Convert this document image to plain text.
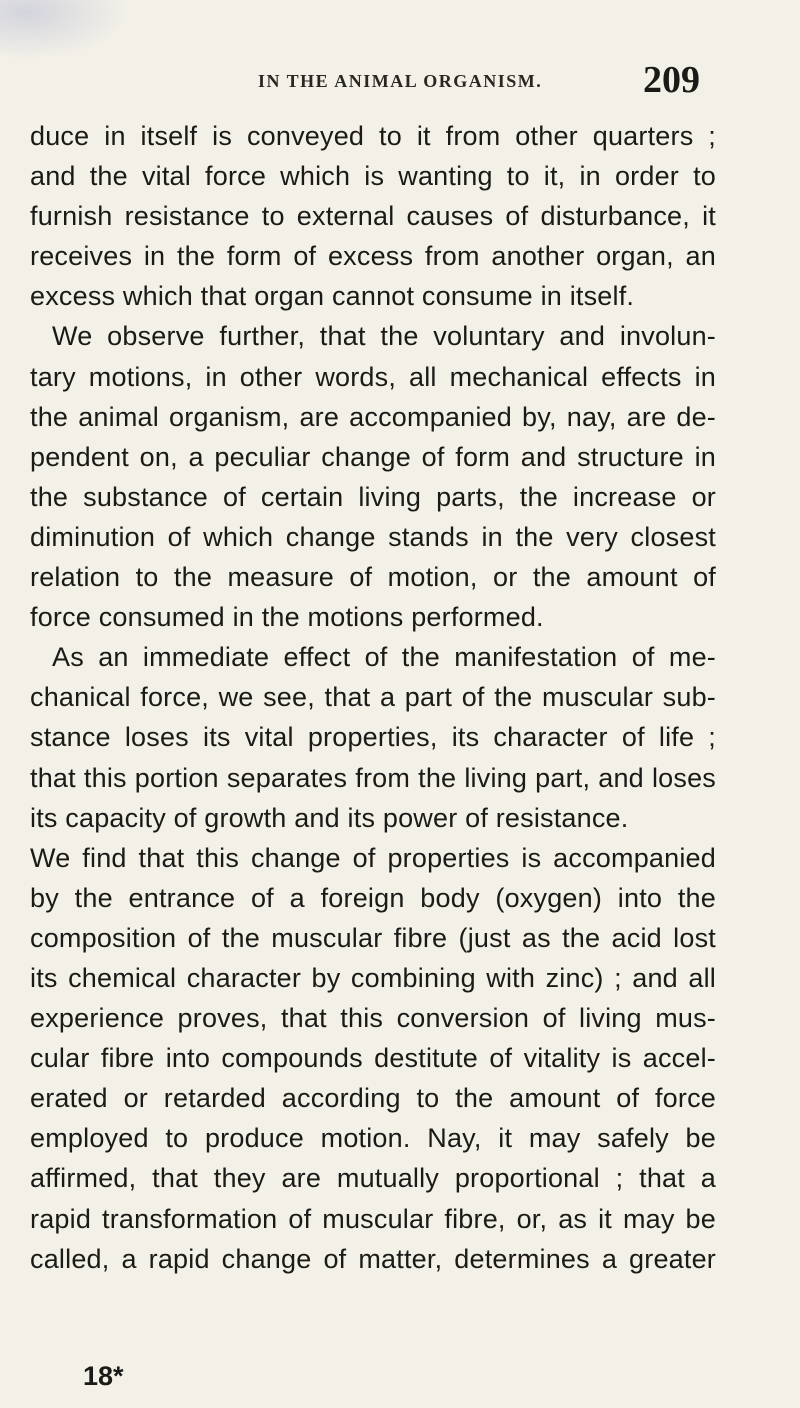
IN THE ANIMAL ORGANISM.	209
duce in itself is conveyed to it from other quarters ;
and the vital force which is wanting to it, in order to
furnish resistance to external causes of disturbance, it
receives in the form of excess from another organ, an
excess which that organ cannot consume in itself.
We observe further, that the voluntary and involun-
tary motions, in other words, all mechanical effects in
the animal organism, are accompanied by, nay, are de-
pendent on, a peculiar change of form and structure in
the substance of certain living parts, the increase or
diminution of which change stands in the very closest
relation to the measure of motion, or the amount of
force consumed in the motions performed.
As an immediate effect of the manifestation of me-
chanical force, we see, that a part of the muscular sub-
stance loses its vital properties, its character of life ;
that this portion separates from the living part, and loses
its capacity of growth and its power of resistance.
We find that this change of properties is accompanied
by the entrance of a foreign body (oxygen) into the
composition of the muscular fibre (just as the acid lost
its chemical character by combining with zinc) ; and all
experience proves, that this conversion of living mus-
cular fibre into compounds destitute of vitality is accel-
erated or retarded according to the amount of force
employed to produce motion. Nay, it may safely be
affirmed, that they are mutually proportional ; that a
rapid transformation of muscular fibre, or, as it may be
called, a rapid change of matter, determines a greater
18*
